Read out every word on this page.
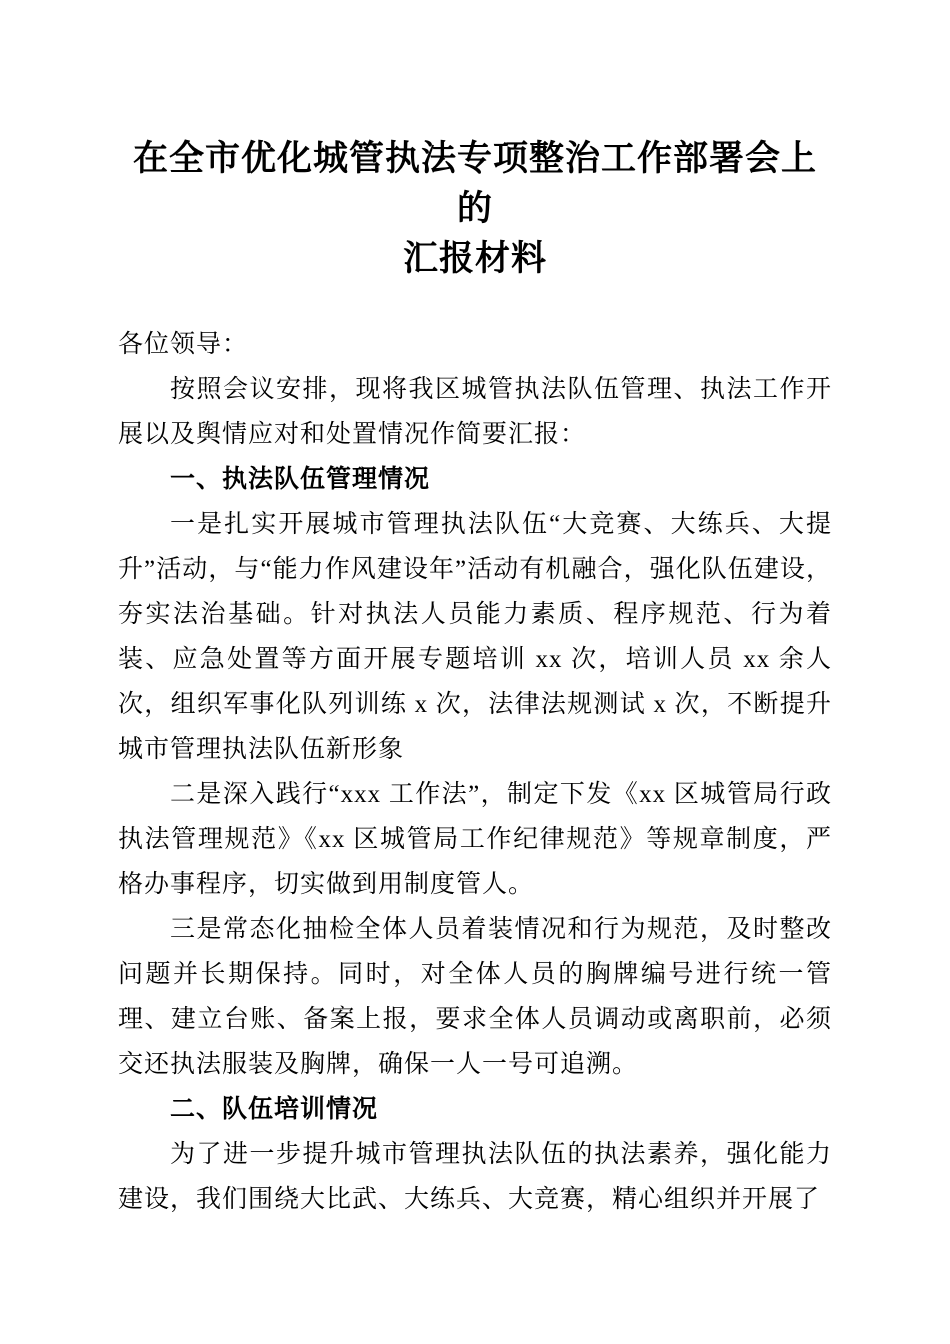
在全市优化城管执法专项整治工作部署会上的
汇报材料

各位领导：

按照会议安排，现将我区城管执法队伍管理、执法工作开展以及舆情应对和处置情况作简要汇报：

一、执法队伍管理情况

一是扎实开展城市管理执法队伍“大竞赛、大练兵、大提升”活动，与“能力作风建设年”活动有机融合，强化队伍建设，夯实法治基础。针对执法人员能力素质、程序规范、行为着装、应急处置等方面开展专题培训 xx 次，培训人员 xx 余人次，组织军事化队列训练 x 次，法律法规测试 x 次，不断提升城市管理执法队伍新形象

二是深入践行“xxx 工作法”，制定下发《xx 区城管局行政执法管理规范》《xx 区城管局工作纪律规范》等规章制度，严格办事程序，切实做到用制度管人。

三是常态化抽检全体人员着装情况和行为规范，及时整改问题并长期保持。同时，对全体人员的胸牌编号进行统一管理、建立台账、备案上报，要求全体人员调动或离职前，必须交还执法服装及胸牌，确保一人一号可追溯。

二、队伍培训情况

为了进一步提升城市管理执法队伍的执法素养，强化能力建设，我们围绕大比武、大练兵、大竞赛，精心组织并开展了
